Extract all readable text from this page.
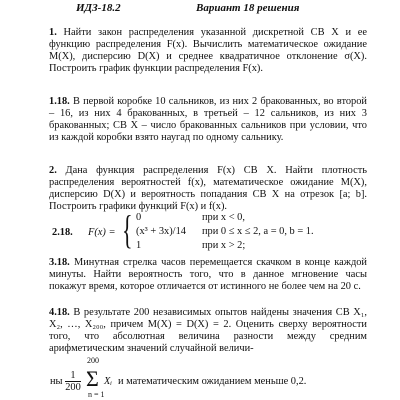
ИДЗ-18.2	Вариант 18 решения
1. Найти закон распределения указанной дискретной СВ X и ее функцию распределения F(x). Вычислить математическое ожидание M(X), дисперсию D(X) и среднее квадратичное отклонение σ(X). Построить график функции распределения F(x).
1.18. В первой коробке 10 сальников, из них 2 бракованных, во второй – 16, из них 4 бракованных, в третьей – 12 сальников, из них 3 бракованных; СВ X – число бракованных сальников при условии, что из каждой коробки взято наугад по одному сальнику.
2. Дана функция распределения F(x) СВ X. Найти плотность распределения вероятностей f(x), математическое ожидание M(X), дисперсию D(X) и вероятность попадания СВ X на отрезок [a; b]. Построить графики функций F(x) и f(x).
2.18. F(x) = { 0
(x³ + 3x)/14
1
при x < 0,
при 0 ≤ x ≤ 2, a = 0, b = 1.
при x > 2;
3.18. Минутная стрелка часов перемещается скачком в конце каждой минуты. Найти вероятность того, что в данное мгновение часы покажут время, которое отличается от истинного не более чем на 20 с.
4.18. В результате 200 независимых опытов найдены значения СВ X₁, X₂, …, X₂₀₀, причем M(X) = D(X) = 2. Оценить сверху вероятности того, что абсолютная величина разности между средним арифметическим значений случайной величи-
ны
1
200
200
Σ
n = 1
Xᵢ и математическим ожиданием меньше 0,2.
